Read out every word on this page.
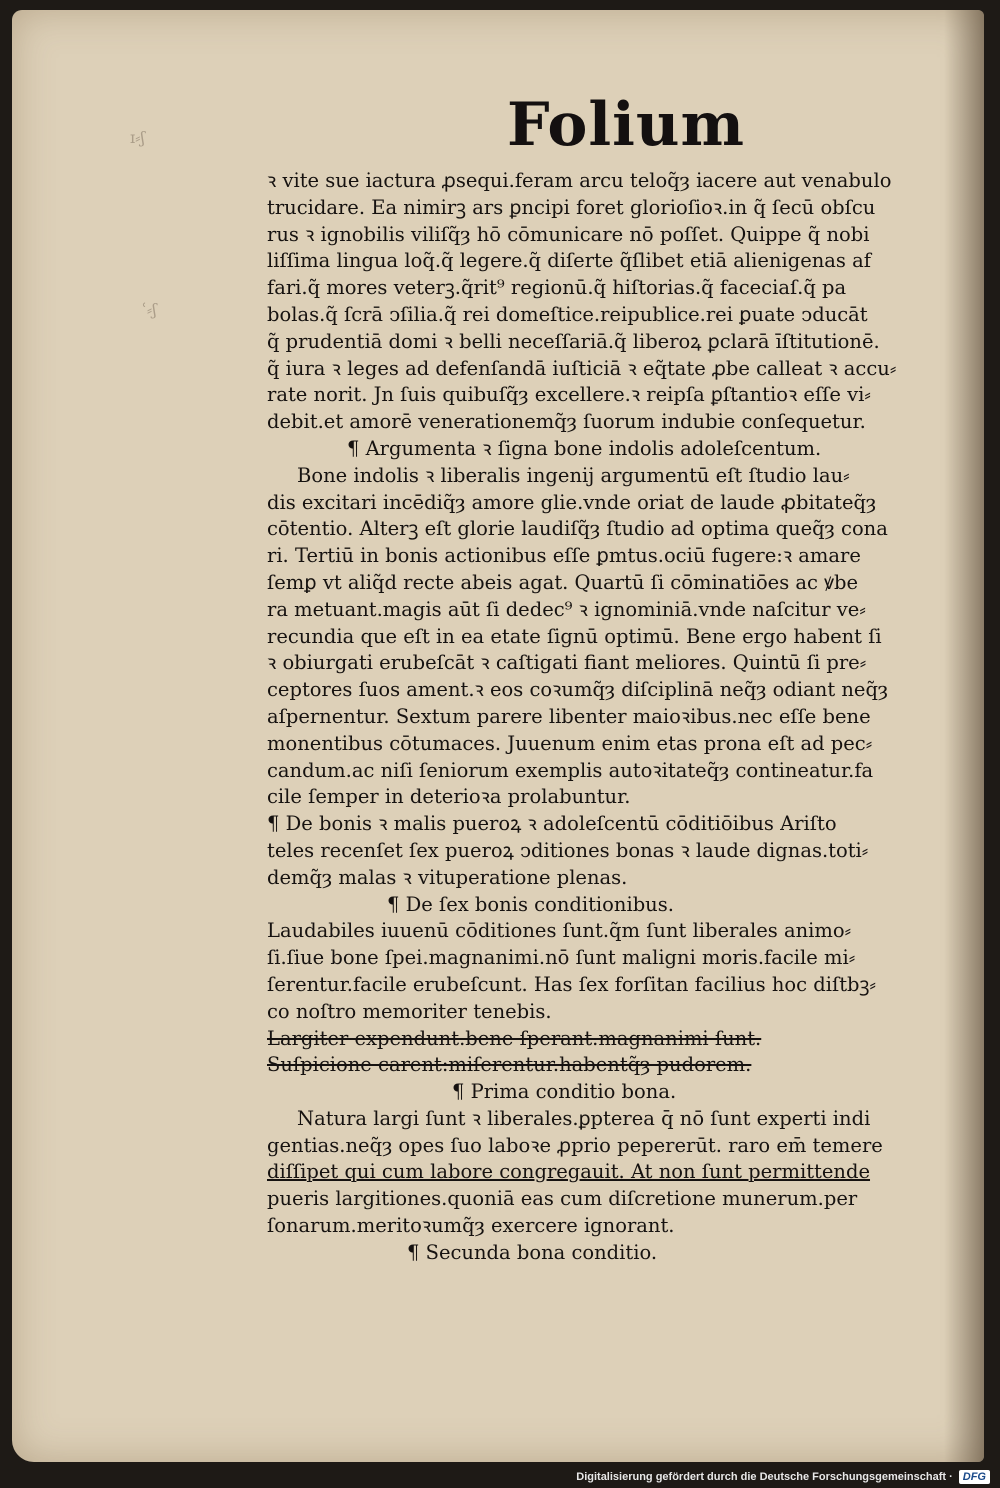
ɪ⸗ʃ
ʿ⸗ʃ
Folium
ꝛ vite sue iactura ꝓsequi.feram arcu teloq̃ȝ iacere aut venabulo
trucidare. Ea nimirꝫ ars ꝑncipi foret glorioſioꝛ.in q̃ ſecū obſcu
rus ꝛ ignobilis viliſq̃ȝ hō cōmunicare nō poſſet. Quippe q̃ nobi
liſſima lingua loq̃.q̃ legere.q̃ diſerte q̃ſlibet etiā alienigenas af
fari.q̃ mores veterꝫ.q̃rit⁹ regionū.q̃ hiſtorias.q̃ faceciaſ.q̃ pa
bolas.q̃ ſcrā ↄſilia.q̃ rei domeſtice.reipublice.rei ꝑuate ↄducāt
q̃ prudentiā domi ꝛ belli neceſſariā.q̃ liberoꝝ ꝑclarā īſtitutionē.
q̃ iura ꝛ leges ad defenſandā iuſticiā ꝛ eq̃tate ꝓbe calleat ꝛ accu⸗
rate norit. Jn ſuis quibuſq̃ȝ excellere.ꝛ reipſa ꝑſtantioꝛ eſſe vi⸗
debit.et amorē venerationemq̃ȝ ſuorum indubie conſequetur.
¶ Argumenta ꝛ ſigna bone indolis adoleſcentum.
Bone indolis ꝛ liberalis ingenij argumentū eſt ſtudio lau⸗
dis excitari incēdiq̃ȝ amore glie.vnde oriat de laude ꝓbitateq̃ȝ
cōtentio. Alterꝫ eſt glorie laudiſq̃ȝ ſtudio ad optima queq̃ȝ cona
ri. Tertiū in bonis actionibus eſſe ꝑmtus.ociū fugere:ꝛ amare
ſemꝑ vt aliq̃d recte abeis agat. Quartū ſi cōminatiōes ac ꝟbe
ra metuant.magis aūt ſi dedec⁹ ꝛ ignominiā.vnde naſcitur ve⸗
recundia que eſt in ea etate ſignū optimū. Bene ergo habent ſi
ꝛ obiurgati erubeſcāt ꝛ caſtigati fiant meliores. Quintū ſi pre⸗
ceptores ſuos ament.ꝛ eos coꝛumq̃ȝ diſciplinā neq̃ȝ odiant neq̃ȝ
aſpernentur. Sextum parere libenter maioꝛibus.nec eſſe bene
monentibus cōtumaces. Juuenum enim etas prona eſt ad pec⸗
candum.ac niſi ſeniorum exemplis autoꝛitateq̃ȝ contineatur.fa
cile ſemper in deterioꝛa prolabuntur.
¶ De bonis ꝛ malis pueroꝝ ꝛ adoleſcentū cōditiōibus Ariſto
teles recenſet ſex pueroꝝ ↄditiones bonas ꝛ laude dignas.toti⸗
demq̃ȝ malas ꝛ vituperatione plenas.
¶ De ſex bonis conditionibus.
Laudabiles iuuenū cōditiones ſunt.q̃m ſunt liberales animo⸗
ſi.ſiue bone ſpei.magnanimi.nō ſunt maligni moris.facile mi⸗
ſerentur.facile erubeſcunt. Has ſex forſitan facilius hoc diſtbꝫ⸗
co noſtro memoriter tenebis.
Largiter expendunt.bene ſperant.magnanimi ſunt.
Suſpicione carent:miſerentur.habentq̃ȝ pudorem.
¶ Prima conditio bona.
Natura largi ſunt ꝛ liberales.ꝑpterea q̄ nō ſunt experti indi
gentias.neq̃ȝ opes ſuo laboꝛe ꝓprio pepererūt. raro em̄ temere
diſſipet qui cum labore congregauit. At non ſunt permittende
pueris largitiones.quoniā eas cum diſcretione munerum.per
ſonarum.meritoꝛumq̃ȝ exercere ignorant.
¶ Secunda bona conditio.
Digitalisierung gefördert durch die Deutsche Forschungsgemeinschaft · DFG
